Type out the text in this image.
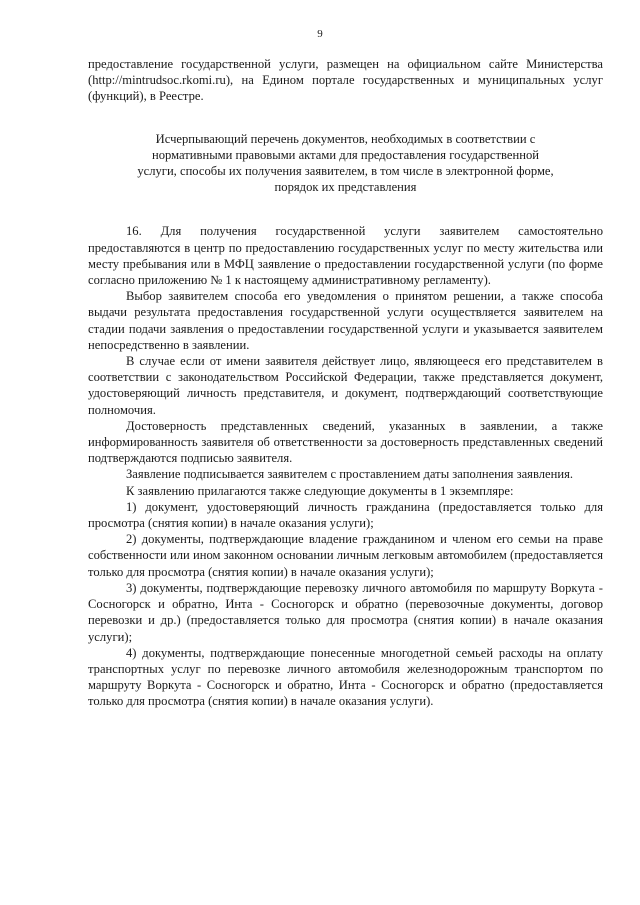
9

предоставление государственной услуги, размещен на официальном сайте Министерства (http://mintrudsoc.rkomi.ru), на Едином портале государственных и муниципальных услуг (функций), в Реестре.

Исчерпывающий перечень документов, необходимых в соответствии с
нормативными правовыми актами для предоставления государственной
услуги, способы их получения заявителем, в том числе в электронной форме,
порядок их представления

16. Для получения государственной услуги заявителем самостоятельно предоставляются в центр по предоставлению государственных услуг по месту жительства или месту пребывания или в МФЦ заявление о предоставлении государственной услуги (по форме согласно приложению № 1 к настоящему административному регламенту).

Выбор заявителем способа его уведомления о принятом решении, а также способа выдачи результата предоставления государственной услуги осуществляется заявителем на стадии подачи заявления о предоставлении государственной услуги и указывается заявителем непосредственно в заявлении.

В случае если от имени заявителя действует лицо, являющееся его представителем в соответствии с законодательством Российской Федерации, также представляется документ, удостоверяющий личность представителя, и документ, подтверждающий соответствующие полномочия.

Достоверность представленных сведений, указанных в заявлении, а также информированность заявителя об ответственности за достоверность представленных сведений подтверждаются подписью заявителя.

Заявление подписывается заявителем с проставлением даты заполнения заявления.

К заявлению прилагаются также следующие документы в 1 экземпляре:

1) документ, удостоверяющий личность гражданина (предоставляется только для просмотра (снятия копии) в начале оказания услуги);

2) документы, подтверждающие владение гражданином и членом его семьи на праве собственности или ином законном основании личным легковым автомобилем (предоставляется только для просмотра (снятия копии) в начале оказания услуги);

3) документы, подтверждающие перевозку личного автомобиля по маршруту Воркута - Сосногорск и обратно, Инта - Сосногорск и обратно (перевозочные документы, договор перевозки и др.) (предоставляется только для просмотра (снятия копии) в начале оказания услуги);

4) документы, подтверждающие понесенные многодетной семьей расходы на оплату транспортных услуг по перевозке личного автомобиля железнодорожным транспортом по маршруту Воркута - Сосногорск и обратно, Инта - Сосногорск и обратно (предоставляется только для просмотра (снятия копии) в начале оказания услуги).
